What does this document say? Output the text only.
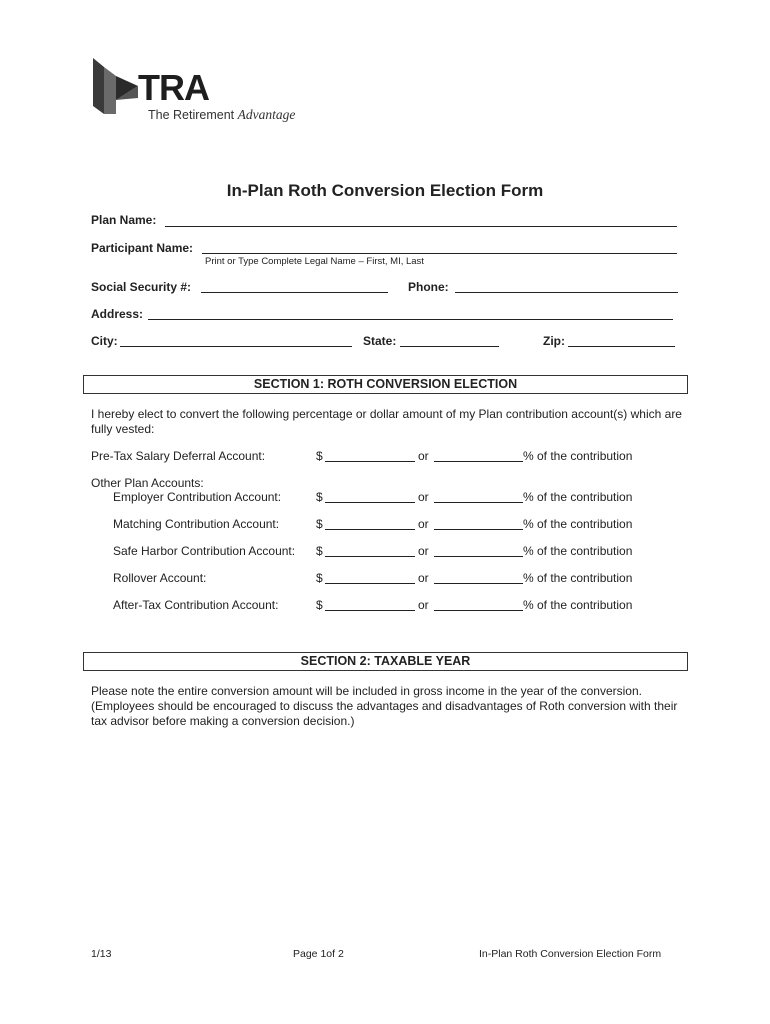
TRA
The Retirement Advantage
In-Plan Roth Conversion Election Form
Plan Name:
Participant Name:
Print or Type Complete Legal Name – First, MI, Last
Social Security #:	Phone:
Address:
City:	State:	Zip:
SECTION 1: ROTH CONVERSION ELECTION
I hereby elect to convert the following percentage or dollar amount of my Plan contribution account(s) which are fully vested:
Pre-Tax Salary Deferral Account:	$	or	% of the contribution
Other Plan Accounts:
Employer Contribution Account:	$	or	% of the contribution
Matching Contribution Account:	$	or	% of the contribution
Safe Harbor Contribution Account: $	or	% of the contribution
Rollover Account:	$	or	% of the contribution
After-Tax Contribution Account:	$	or	% of the contribution
SECTION 2: TAXABLE YEAR
Please note the entire conversion amount will be included in gross income in the year of the conversion. (Employees should be encouraged to discuss the advantages and disadvantages of Roth conversion with their tax advisor before making a conversion decision.)
1/13	Page 1of 2	In-Plan Roth Conversion Election Form
